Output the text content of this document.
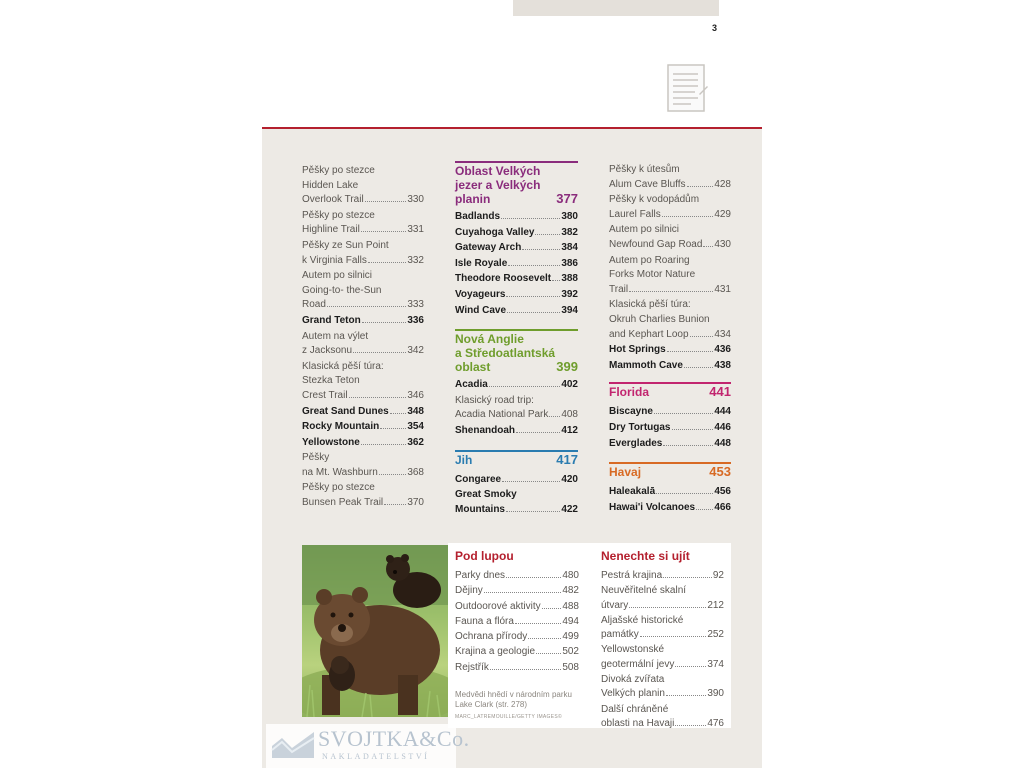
3
Pěšky po stezce
Hidden Lake
Overlook Trail	330
Pěšky po stezce
Highline Trail	331
Pěšky ze Sun Point
k Virginia Falls	332
Autem po silnici
Going-to- the-Sun
Road	333
Grand Teton	336
Autem na výlet
z Jacksonu	342
Klasická pěší túra:
Stezka Teton
Crest Trail	346
Great Sand Dunes 348
Rocky Mountain	354
Yellowstone	362
Pěšky
na Mt. Washburn	368
Pěšky po stezce
Bunsen Peak Trail 370
Oblast Velkých
jezer a Velkých
planin	377
Badlands	380
Cuyahoga Valley	382
Gateway Arch	384
Isle Royale	386
Theodore Roosevelt 388
Voyageurs	392
Wind Cave	394
Nová Anglie
a Středoatlantská
oblast	399
Acadia	402
Klasický road trip:
Acadia National Park 408
Shenandoah	412
Jih	417
Congaree	420
Great Smoky
Mountains	422
Pěšky k útesům
Alum Cave Bluffs	428
Pěšky k vodopádům
Laurel Falls	429
Autem po silnici
Newfound Gap Road 430
Autem po Roaring
Forks Motor Nature
Trail	431
Klasická pěší túra:
Okruh Charlies Bunion
and Kephart Loop	434
Hot Springs	436
Mammoth Cave	438
Florida	441
Biscayne	444
Dry Tortugas	446
Everglades	448
Havaj	453
Haleakalā	456
Hawai'i Volcanoes 466
Pod lupou
Parky dnes	480
Dějiny	482
Outdoorové aktivity 488
Fauna a flóra	494
Ochrana přírody	499
Krajina a geologie	502
Rejstřík	508
Nenechte si ujít
Pestrá krajina	92
Neuvěřitelné skalní
útvary	212
Aljašské historické
památky	252
Yellowstonské
geotermální jevy	374
Divoká zvířata
Velkých planin	390
Další chráněné
oblasti na Havaji	476
Medvědi hnědí v národním parku Lake Clark (str. 278)
MARC_LATREMOUILLE/GETTY IMAGES©
SVOJTKA&Co.
NAKLADATELSTVÍ
